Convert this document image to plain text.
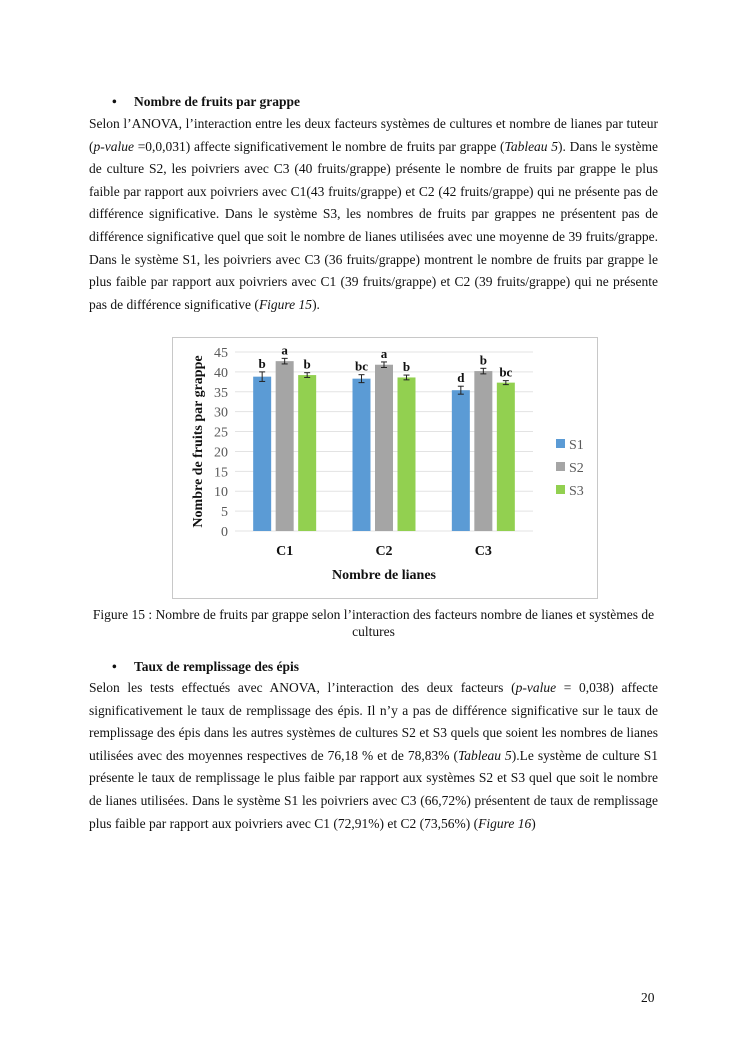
• Nombre de fruits par grappe
Selon l’ANOVA, l’interaction entre les deux facteurs systèmes de cultures et nombre de lianes par tuteur (p-value =0,0,031) affecte significativement le nombre de fruits par grappe (Tableau 5). Dans le système de culture S2, les poivriers avec C3 (40 fruits/grappe) présente le nombre de fruits par grappe le plus faible par rapport aux poivriers avec C1(43 fruits/grappe) et C2 (42 fruits/grappe) qui ne présente pas de différence significative. Dans le système S3, les nombres de fruits par grappes ne présentent pas de différence significative quel que soit le nombre de lianes utilisées avec une moyenne de 39 fruits/grappe. Dans le système S1, les poivriers avec C3 (36 fruits/grappe) montrent le nombre de fruits par grappe le plus faible par rapport aux poivriers avec C1 (39 fruits/grappe) et C2 (39 fruits/grappe) qui ne présente pas de différence significative (Figure 15).
0
5
10
15
20
25
30
35
40
45
b
a
b
C1
bc
a
b
C2
d
b
bc
C3
Nombre de lianes
Nombre de fruits par grappe	S1
S2
S3
Figure 15 : Nombre de fruits par grappe selon l’interaction des facteurs nombre de lianes et systèmes de cultures
• Taux de remplissage des épis
Selon les tests effectués avec ANOVA, l’interaction des deux facteurs (p-value = 0,038) affecte significativement le taux de remplissage des épis. Il n’y a pas de différence significative sur le taux de remplissage des épis dans les autres systèmes de cultures S2 et S3 quels que soient les nombres de lianes utilisées avec des moyennes respectives de 76,18 % et de 78,83% (Tableau 5).Le système de culture S1 présente le taux de remplissage le plus faible par rapport aux systèmes S2 et S3 quel que soit le nombre de lianes utilisées. Dans le système S1 les poivriers avec C3 (66,72%) présentent de taux de remplissage plus faible par rapport aux poivriers avec C1 (72,91%) et C2 (73,56%) (Figure 16)
20
